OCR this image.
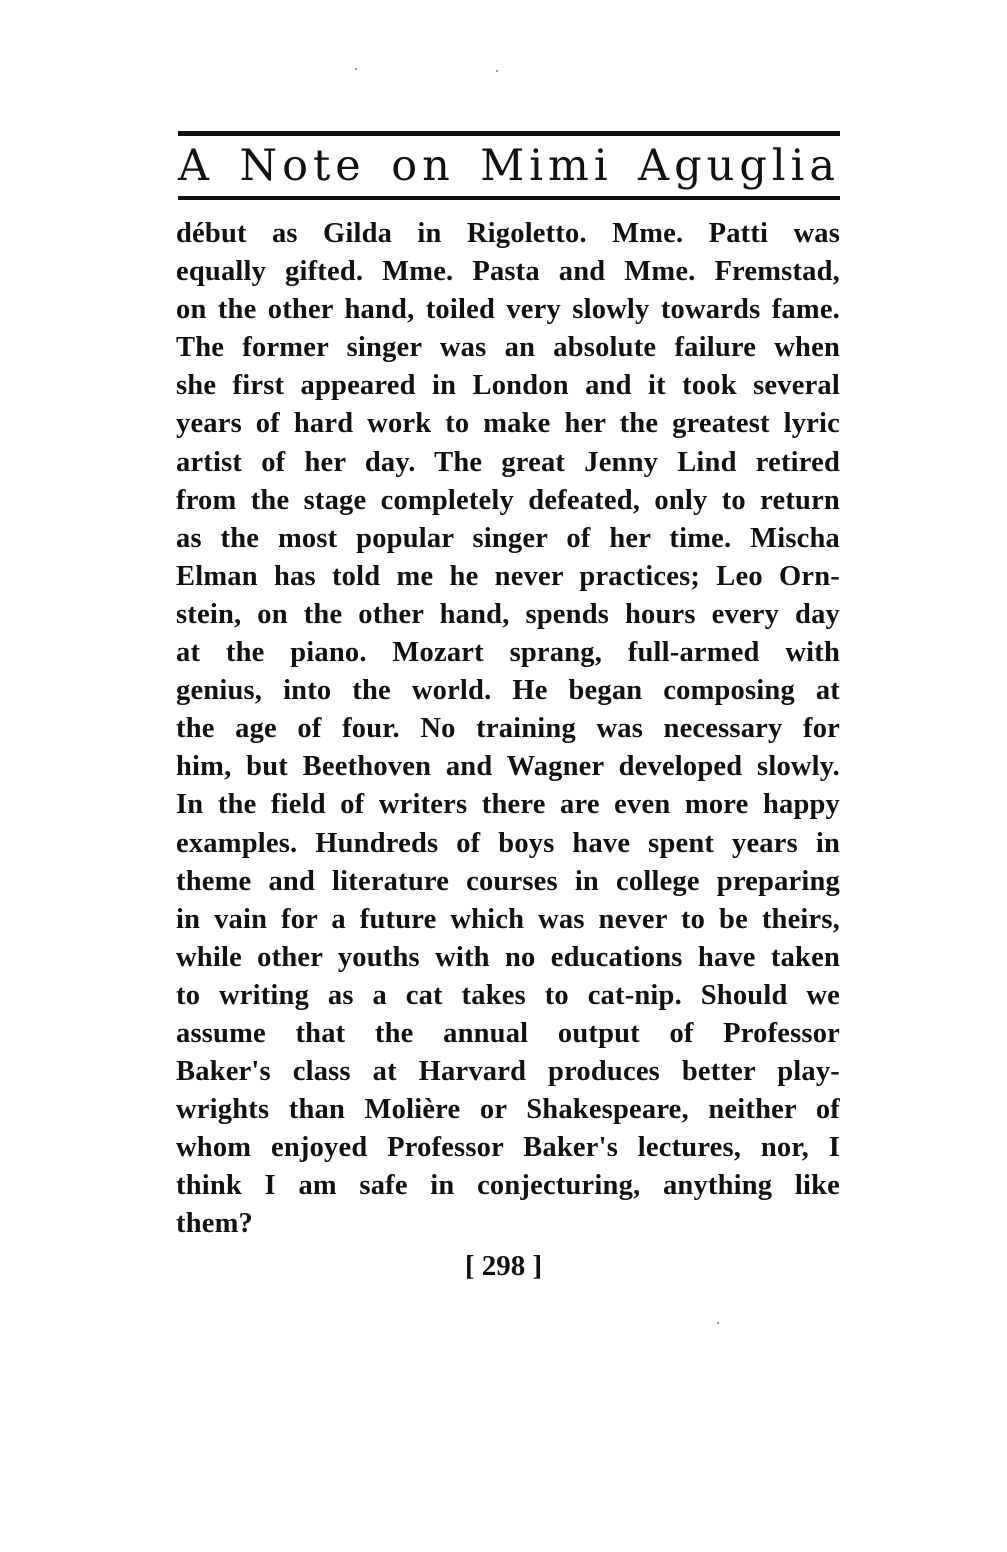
A Note on Mimi Aguglia
début as Gilda in Rigoletto. Mme. Patti was
equally gifted. Mme. Pasta and Mme. Fremstad,
on the other hand, toiled very slowly towards fame.
The former singer was an absolute failure when
she first appeared in London and it took several
years of hard work to make her the greatest lyric
artist of her day. The great Jenny Lind retired
from the stage completely defeated, only to return
as the most popular singer of her time. Mischa
Elman has told me he never practices; Leo Orn-
stein, on the other hand, spends hours every day
at the piano. Mozart sprang, full-armed with
genius, into the world. He began composing at
the age of four. No training was necessary for
him, but Beethoven and Wagner developed slowly.
In the field of writers there are even more happy
examples. Hundreds of boys have spent years in
theme and literature courses in college preparing
in vain for a future which was never to be theirs,
while other youths with no educations have taken
to writing as a cat takes to cat-nip. Should we
assume that the annual output of Professor
Baker's class at Harvard produces better play-
wrights than Molière or Shakespeare, neither of
whom enjoyed Professor Baker's lectures, nor, I
think I am safe in conjecturing, anything like
them?
[ 298 ]
